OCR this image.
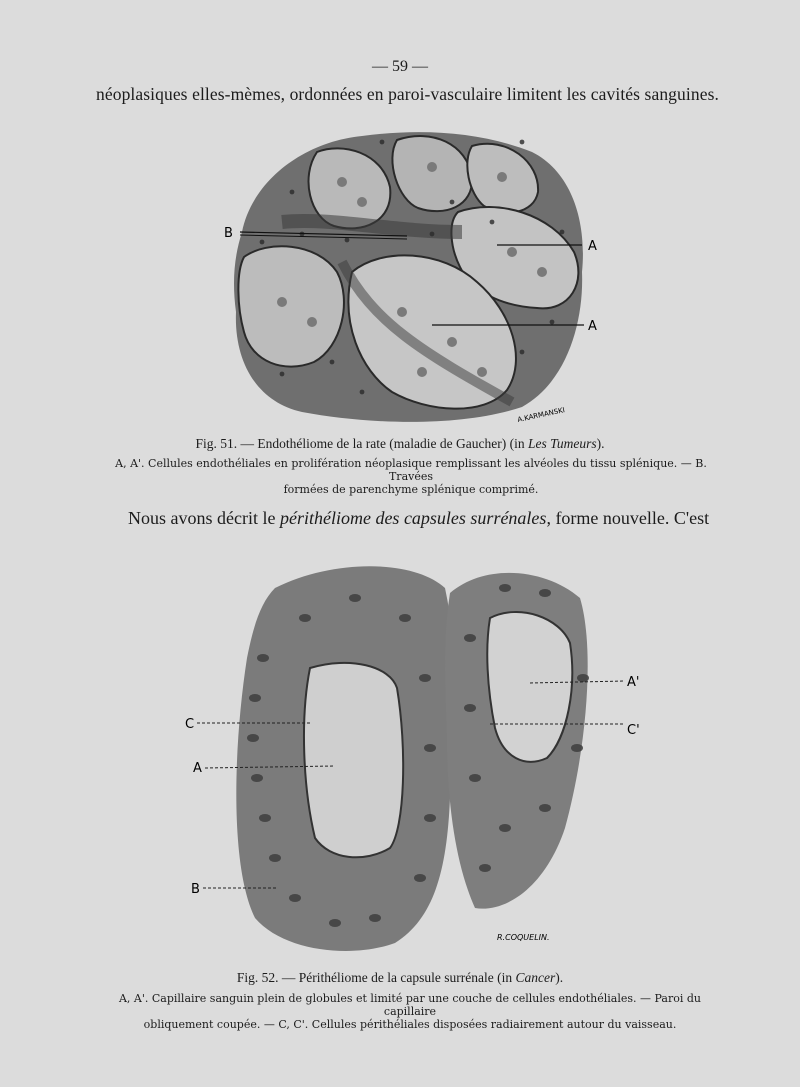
— 59 —
néoplasiques elles-mèmes, ordonnées en paroi-vasculaire limitent les cavités sanguines.
B
A
A
A.KARMANSKI
Fig. 51. — Endothéliome de la rate (maladie de Gaucher) (in Les Tumeurs).
A, A'. Cellules endothéliales en prolifération néoplasique remplissant les alvéoles du tissu splénique. — B. Travées
formées de parenchyme splénique comprimé.
Nous avons décrit le périthéliome des capsules surrénales, forme nouvelle. C'est
C
A
B
A'
C'
R.COQUELIN.
Fig. 52. — Périthéliome de la capsule surrénale (in Cancer).
A, A'. Capillaire sanguin plein de globules et limité par une couche de cellules endothéliales. — Paroi du capillaire
obliquement coupée. — C, C'. Cellules périthéliales disposées radiairement autour du vaisseau.
